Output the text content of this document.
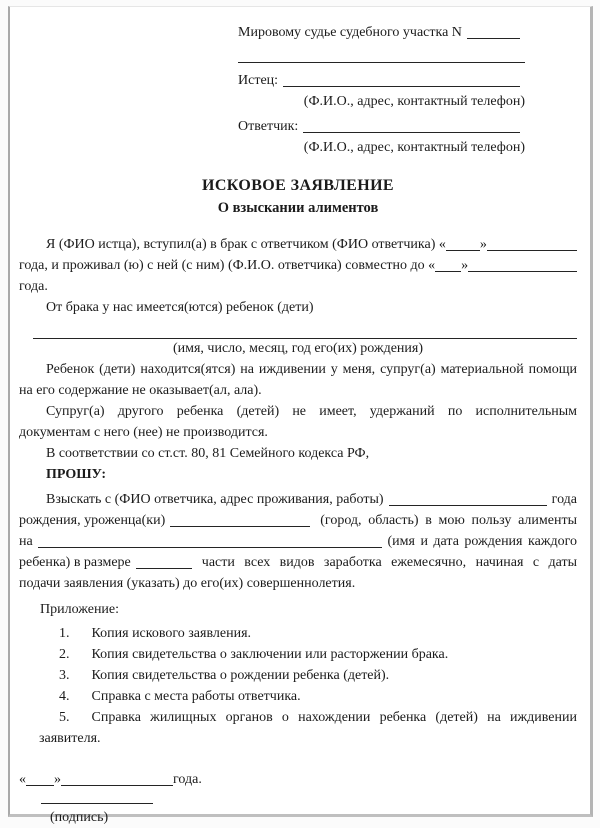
Мировому судье судебного участка N
Истец:
(Ф.И.О., адрес, контактный телефон)
Ответчик:
(Ф.И.О., адрес, контактный телефон)
ИСКОВОЕ ЗАЯВЛЕНИЕ
О взыскании алиментов
Я (ФИО истца), вступил(а) в брак с ответчиком (ФИО ответчика) « »
года, и проживал (ю) с ней (с ним) (Ф.И.О. ответчика) совместно до « »
года.
От брака у нас имеется(ются) ребенок (дети)
(имя, число, месяц, год его(их) рождения)
Ребенок (дети) находится(ятся) на иждивении у меня, супруг(а) материальной помощи
на его содержание не оказывает(ал, ала).
Супруг(а) другого ребенка (детей) не имеет, удержаний по исполнительным
документам с него (нее) не производится.
В соответствии со ст.ст. 80, 81 Семейного кодекса РФ,
ПРОШУ:
Взыскать с (ФИО ответчика, адрес проживания, работы)	года
рождения, уроженца(ки)	(город, область) в мою пользу алименты
на	(имя и дата рождения каждого
ребенка) в размере	части всех видов заработка ежемесячно, начиная с даты
подачи заявления (указать) до его(их) совершеннолетия.
Приложение:
1. Копия искового заявления.
2. Копия свидетельства о заключении или расторжении брака.
3. Копия свидетельства о рождении ребенка (детей).
4. Справка с места работы ответчика.
5. Справка жилищных органов о нахождении ребенка (детей) на иждивении
заявителя.
« »	года.
(подпись)
